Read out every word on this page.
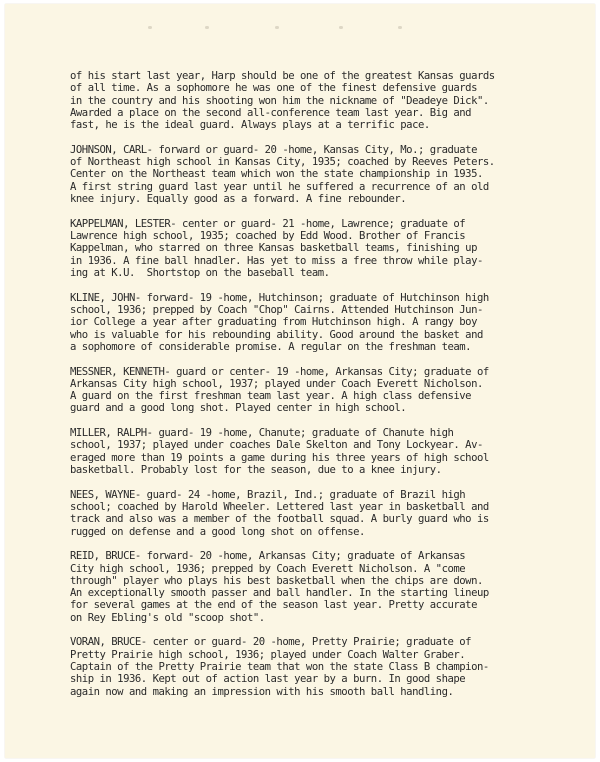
of his start last year, Harp should be one of the greatest Kansas guards
of all time. As a sophomore he was one of the finest defensive guards
in the country and his shooting won him the nickname of "Deadeye Dick".
Awarded a place on the second all-conference team last year. Big and
fast, he is the ideal guard. Always plays at a terrific pace.

JOHNSON, CARL- forward or guard- 20 -home, Kansas City, Mo.; graduate
of Northeast high school in Kansas City, 1935; coached by Reeves Peters.
Center on the Northeast team which won the state championship in 1935.
A first string guard last year until he suffered a recurrence of an old
knee injury. Equally good as a forward. A fine rebounder.

KAPPELMAN, LESTER- center or guard- 21 -home, Lawrence; graduate of
Lawrence high school, 1935; coached by Edd Wood. Brother of Francis
Kappelman, who starred on three Kansas basketball teams, finishing up
in 1936. A fine ball hnadler. Has yet to miss a free throw while play-
ing at K.U.  Shortstop on the baseball team.

KLINE, JOHN- forward- 19 -home, Hutchinson; graduate of Hutchinson high
school, 1936; prepped by Coach "Chop" Cairns. Attended Hutchinson Jun-
ior College a year after graduating from Hutchinson high. A rangy boy
who is valuable for his rebounding ability. Good around the basket and
a sophomore of considerable promise. A regular on the freshman team.

MESSNER, KENNETH- guard or center- 19 -home, Arkansas City; graduate of
Arkansas City high school, 1937; played under Coach Everett Nicholson.
A guard on the first freshman team last year. A high class defensive
guard and a good long shot. Played center in high school.

MILLER, RALPH- guard- 19 -home, Chanute; graduate of Chanute high
school, 1937; played under coaches Dale Skelton and Tony Lockyear. Av-
eraged more than 19 points a game during his three years of high school
basketball. Probably lost for the season, due to a knee injury.

NEES, WAYNE- guard- 24 -home, Brazil, Ind.; graduate of Brazil high
school; coached by Harold Wheeler. Lettered last year in basketball and
track and also was a member of the football squad. A burly guard who is
rugged on defense and a good long shot on offense.

REID, BRUCE- forward- 20 -home, Arkansas City; graduate of Arkansas
City high school, 1936; prepped by Coach Everett Nicholson. A "come
through" player who plays his best basketball when the chips are down.
An exceptionally smooth passer and ball handler. In the starting lineup
for several games at the end of the season last year. Pretty accurate
on Rey Ebling's old "scoop shot".

VORAN, BRUCE- center or guard- 20 -home, Pretty Prairie; graduate of
Pretty Prairie high school, 1936; played under Coach Walter Graber.
Captain of the Pretty Prairie team that won the state Class B champion-
ship in 1936. Kept out of action last year by a burn. In good shape
again now and making an impression with his smooth ball handling.
